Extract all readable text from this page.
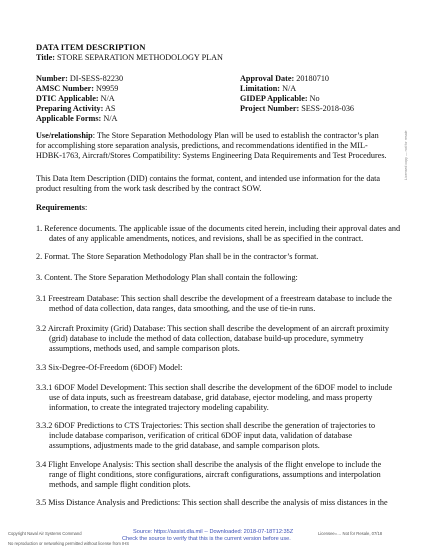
DATA ITEM DESCRIPTION
Title: STORE SEPARATION METHODOLOGY PLAN
Number: DI-SESS-82230
AMSC Number: N9959
DTIC Applicable: N/A
Preparing Activity: AS
Applicable Forms: N/A
Approval Date: 20180710
Limitation: N/A
GIDEP Applicable: No
Project Number: SESS-2018-036
Use/relationship: The Store Separation Methodology Plan will be used to establish the contractor’s plan
for accomplishing store separation analysis, predictions, and recommendations identified in the MIL-
HDBK-1763, Aircraft/Stores Compatibility: Systems Engineering Data Requirements and Test Procedures.
This Data Item Description (DID) contains the format, content, and intended use information for the data
product resulting from the work task described by the contract SOW.
Requirements:
1. Reference documents. The applicable issue of the documents cited herein, including their approval dates and
dates of any applicable amendments, notices, and revisions, shall be as specified in the contract.
2. Format. The Store Separation Methodology Plan shall be in the contractor’s format.
3. Content. The Store Separation Methodology Plan shall contain the following:
3.1 Freestream Database: This section shall describe the development of a freestream database to include the
method of data collection, data ranges, data smoothing, and the use of tie-in runs.
3.2 Aircraft Proximity (Grid) Database: This section shall describe the development of an aircraft proximity
(grid) database to include the method of data collection, database build-up procedure, symmetry
assumptions, methods used, and sample comparison plots.
3.3 Six-Degree-Of-Freedom (6DOF) Model:
3.3.1 6DOF Model Development: This section shall describe the development of the 6DOF model to include
use of data inputs, such as freestream database, grid database, ejector modeling, and mass property
information, to create the integrated trajectory modeling capability.
3.3.2 6DOF Predictions to CTS Trajectories: This section shall describe the generation of trajectories to
include database comparison, verification of critical 6DOF input data, validation of database
assumptions, adjustments made to the grid database, and sample comparison plots.
3.4 Flight Envelope Analysis: This section shall describe the analysis of the flight envelope to include the
range of flight conditions, store configurations, aircraft configurations, assumptions and interpolation
methods, and sample flight condition plots.
3.5 Miss Distance Analysis and Predictions: This section shall describe the analysis of miss distances in the
Licensed copy — not for resale
Copyright Naval Air Systems Command
No reproduction or networking permitted without license from IHS
Source: https://assist.dla.mil -- Downloaded: 2018-07-18T12:35Z
Check the source to verify that this is the current version before use.
Licensee=… Not for Resale, 07/18
